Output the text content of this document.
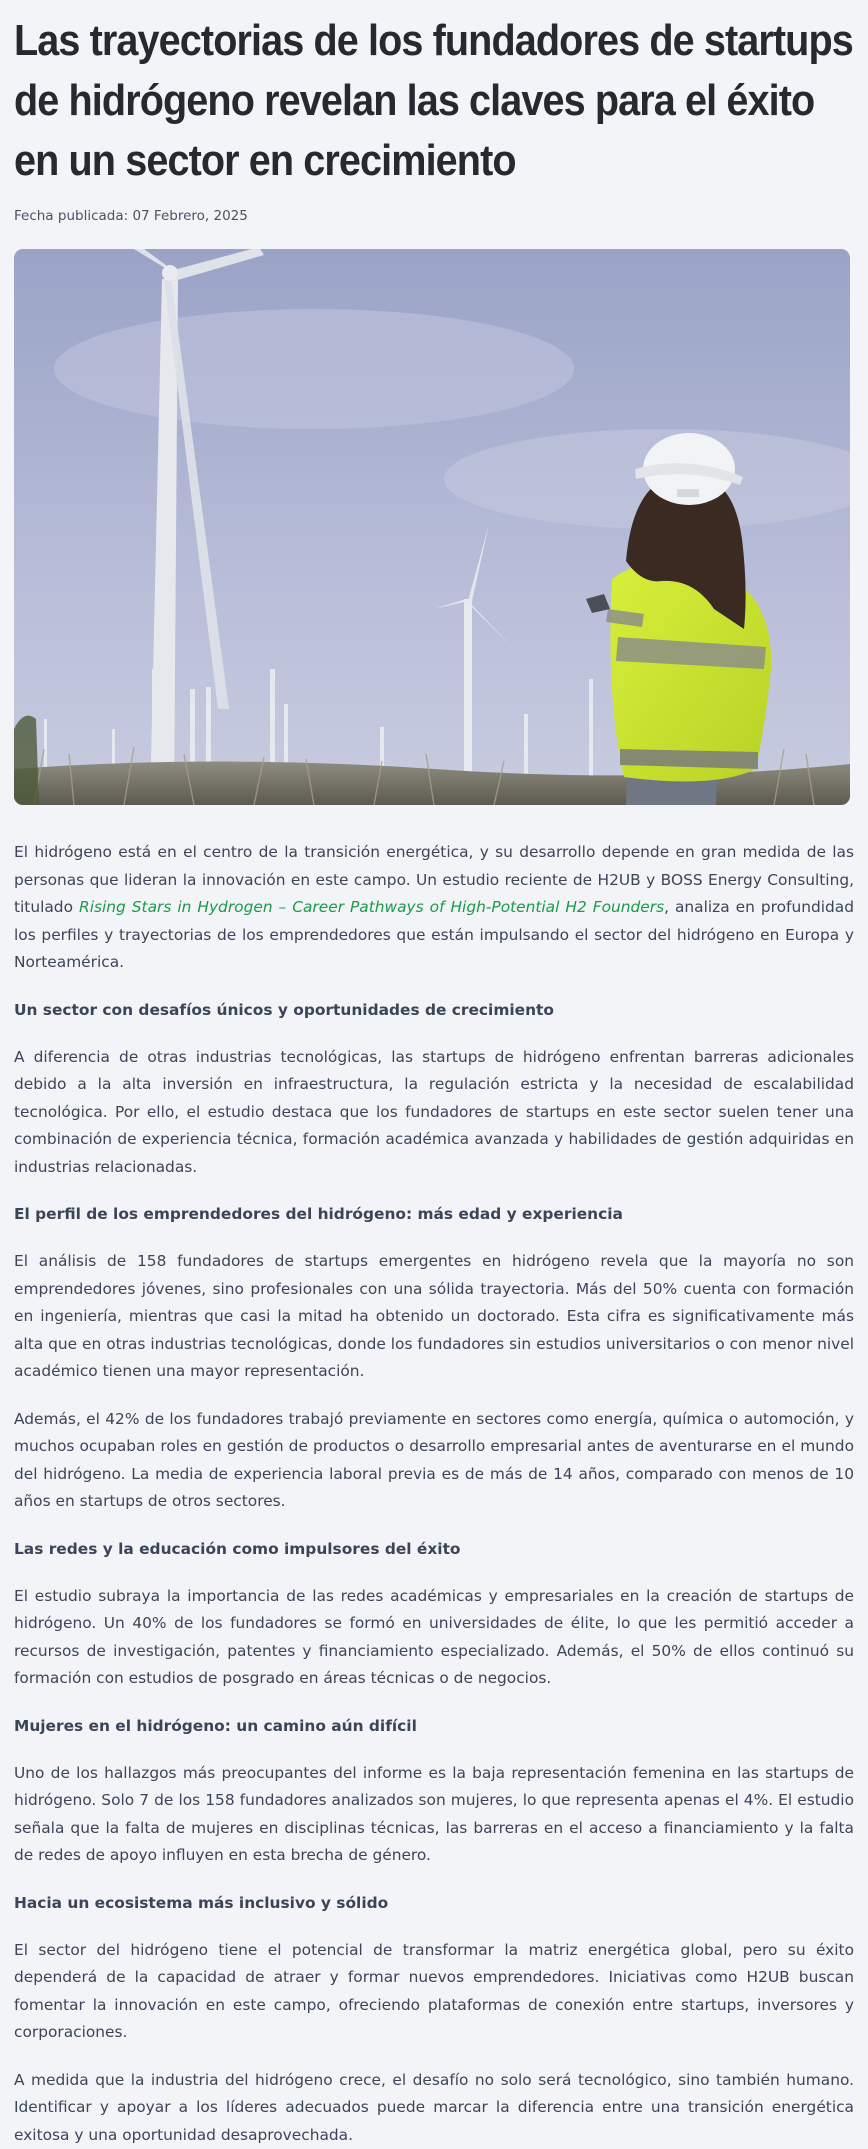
Las trayectorias de los fundadores de startups de hidrógeno revelan las claves para el éxito en un sector en crecimiento
Fecha publicada: 07 Febrero, 2025

El hidrógeno está en el centro de la transición energética, y su desarrollo depende en gran medida de las personas que lideran la innovación en este campo. Un estudio reciente de H2UB y BOSS Energy Consulting, titulado Rising Stars in Hydrogen – Career Pathways of High-Potential H2 Founders, analiza en profundidad los perfiles y trayectorias de los emprendedores que están impulsando el sector del hidrógeno en Europa y Norteamérica.

Un sector con desafíos únicos y oportunidades de crecimiento

A diferencia de otras industrias tecnológicas, las startups de hidrógeno enfrentan barreras adicionales debido a la alta inversión en infraestructura, la regulación estricta y la necesidad de escalabilidad tecnológica. Por ello, el estudio destaca que los fundadores de startups en este sector suelen tener una combinación de experiencia técnica, formación académica avanzada y habilidades de gestión adquiridas en industrias relacionadas.

El perfil de los emprendedores del hidrógeno: más edad y experiencia

El análisis de 158 fundadores de startups emergentes en hidrógeno revela que la mayoría no son emprendedores jóvenes, sino profesionales con una sólida trayectoria. Más del 50% cuenta con formación en ingeniería, mientras que casi la mitad ha obtenido un doctorado. Esta cifra es significativamente más alta que en otras industrias tecnológicas, donde los fundadores sin estudios universitarios o con menor nivel académico tienen una mayor representación.

Además, el 42% de los fundadores trabajó previamente en sectores como energía, química o automoción, y muchos ocupaban roles en gestión de productos o desarrollo empresarial antes de aventurarse en el mundo del hidrógeno. La media de experiencia laboral previa es de más de 14 años, comparado con menos de 10 años en startups de otros sectores.

Las redes y la educación como impulsores del éxito

El estudio subraya la importancia de las redes académicas y empresariales en la creación de startups de hidrógeno. Un 40% de los fundadores se formó en universidades de élite, lo que les permitió acceder a recursos de investigación, patentes y financiamiento especializado. Además, el 50% de ellos continuó su formación con estudios de posgrado en áreas técnicas o de negocios.

Mujeres en el hidrógeno: un camino aún difícil

Uno de los hallazgos más preocupantes del informe es la baja representación femenina en las startups de hidrógeno. Solo 7 de los 158 fundadores analizados son mujeres, lo que representa apenas el 4%. El estudio señala que la falta de mujeres en disciplinas técnicas, las barreras en el acceso a financiamiento y la falta de redes de apoyo influyen en esta brecha de género.

Hacia un ecosistema más inclusivo y sólido

El sector del hidrógeno tiene el potencial de transformar la matriz energética global, pero su éxito dependerá de la capacidad de atraer y formar nuevos emprendedores. Iniciativas como H2UB buscan fomentar la innovación en este campo, ofreciendo plataformas de conexión entre startups, inversores y corporaciones.

A medida que la industria del hidrógeno crece, el desafío no solo será tecnológico, sino también humano. Identificar y apoyar a los líderes adecuados puede marcar la diferencia entre una transición energética exitosa y una oportunidad desaprovechada.
